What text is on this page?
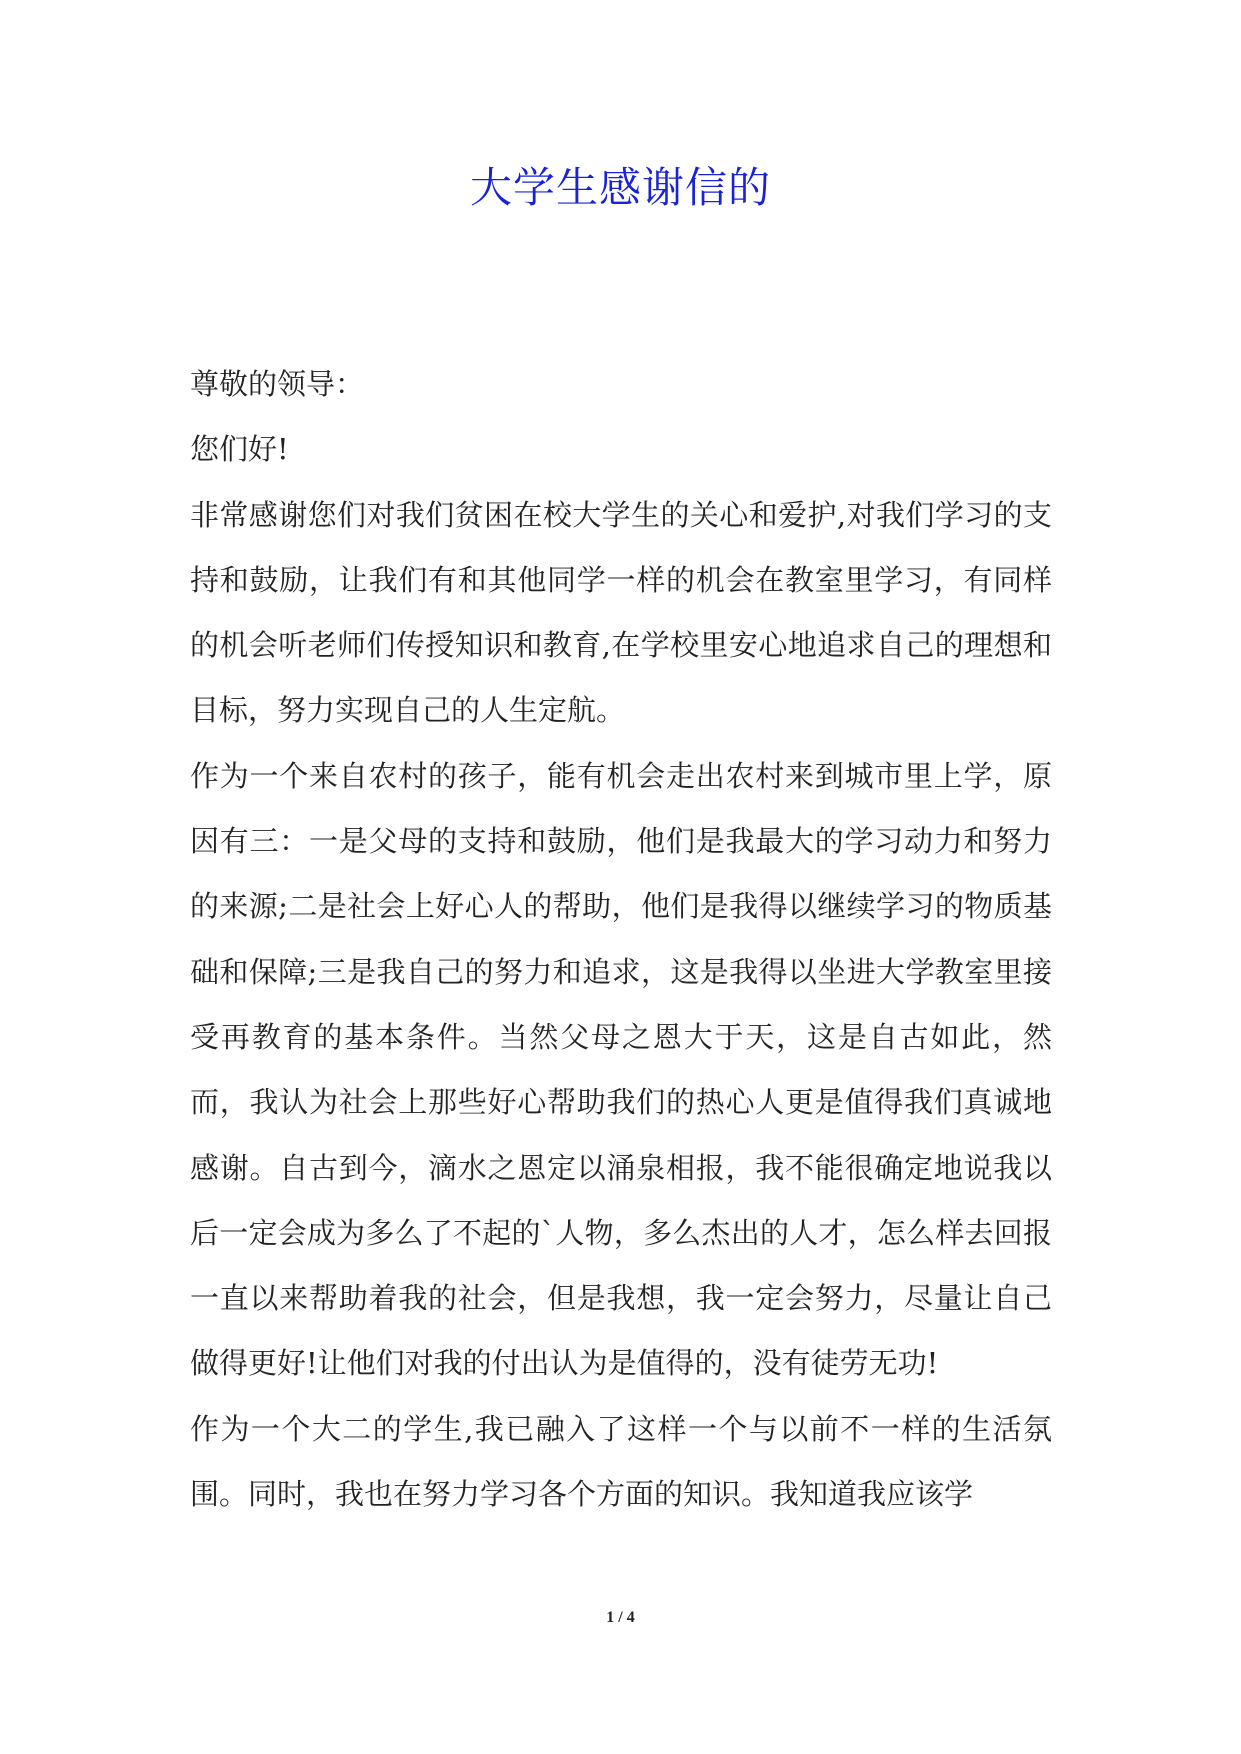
大学生感谢信的

尊敬的领导：

您们好!

非常感谢您们对我们贫困在校大学生的关心和爱护,对我们学习的支持和鼓励，让我们有和其他同学一样的机会在教室里学习，有同样的机会听老师们传授知识和教育,在学校里安心地追求自己的理想和目标，努力实现自己的人生定航。

作为一个来自农村的孩子，能有机会走出农村来到城市里上学，原因有三：一是父母的支持和鼓励，他们是我最大的学习动力和努力的来源;二是社会上好心人的帮助，他们是我得以继续学习的物质基础和保障;三是我自己的努力和追求，这是我得以坐进大学教室里接受再教育的基本条件。当然父母之恩大于天，这是自古如此，然而，我认为社会上那些好心帮助我们的热心人更是值得我们真诚地感谢。自古到今，滴水之恩定以涌泉相报，我不能很确定地说我以后一定会成为多么了不起的`人物，多么杰出的人才，怎么样去回报一直以来帮助着我的社会，但是我想，我一定会努力，尽量让自己做得更好!让他们对我的付出认为是值得的，没有徒劳无功!

作为一个大二的学生,我已融入了这样一个与以前不一样的生活氛围。同时，我也在努力学习各个方面的知识。我知道我应该学

1 / 4
